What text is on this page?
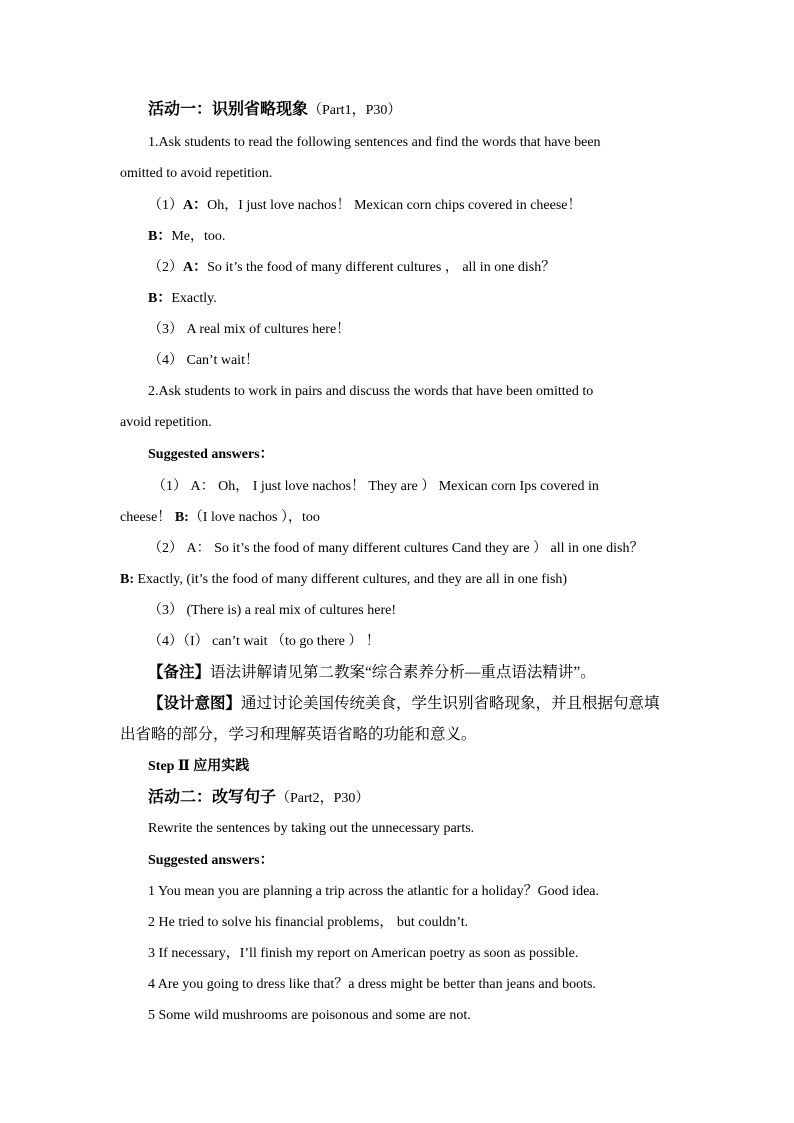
活动一：识别省略现象（Part1，P30）
1.Ask students to read the following sentences and find the words that have been
omitted to avoid repetition.
（1）A：Oh，I just love nachos！ Mexican corn chips covered in cheese！
B：Me，too.
（2）A：So it’s the food of many different cultures ， all in one dish？
B：Exactly.
（3） A real mix of cultures here！
（4） Can’t wait！
2.Ask students to work in pairs and discuss the words that have been omitted to
avoid repetition.
Suggested answers：
（1） A： Oh， I just love nachos！ They are ） Mexican corn Ips covered in
cheese！ B:（I love nachos ），too
（2） A： So it’s the food of many different cultures Cand they are ） all in one dish？
B: Exactly, (it’s the food of many different cultures, and they are all in one fish)
（3） (There is) a real mix of cultures here!
（4）（I） can’t wait （to go there ） ！
【备注】语法讲解请见第二教案“综合素养分析—重点语法精讲”。
【设计意图】通过讨论美国传统美食，学生识别省略现象，并且根据句意填
出省略的部分，学习和理解英语省略的功能和意义。
Step Ⅱ 应用实践
活动二：改写句子（Part2，P30）
Rewrite the sentences by taking out the unnecessary parts.
Suggested answers：
1 You mean you are planning a trip across the atlantic for a holiday？Good idea.
2 He tried to solve his financial problems， but couldn’t.
3 If necessary，I’ll finish my report on American poetry as soon as possible.
4 Are you going to dress like that？a dress might be better than jeans and boots.
5 Some wild mushrooms are poisonous and some are not.
